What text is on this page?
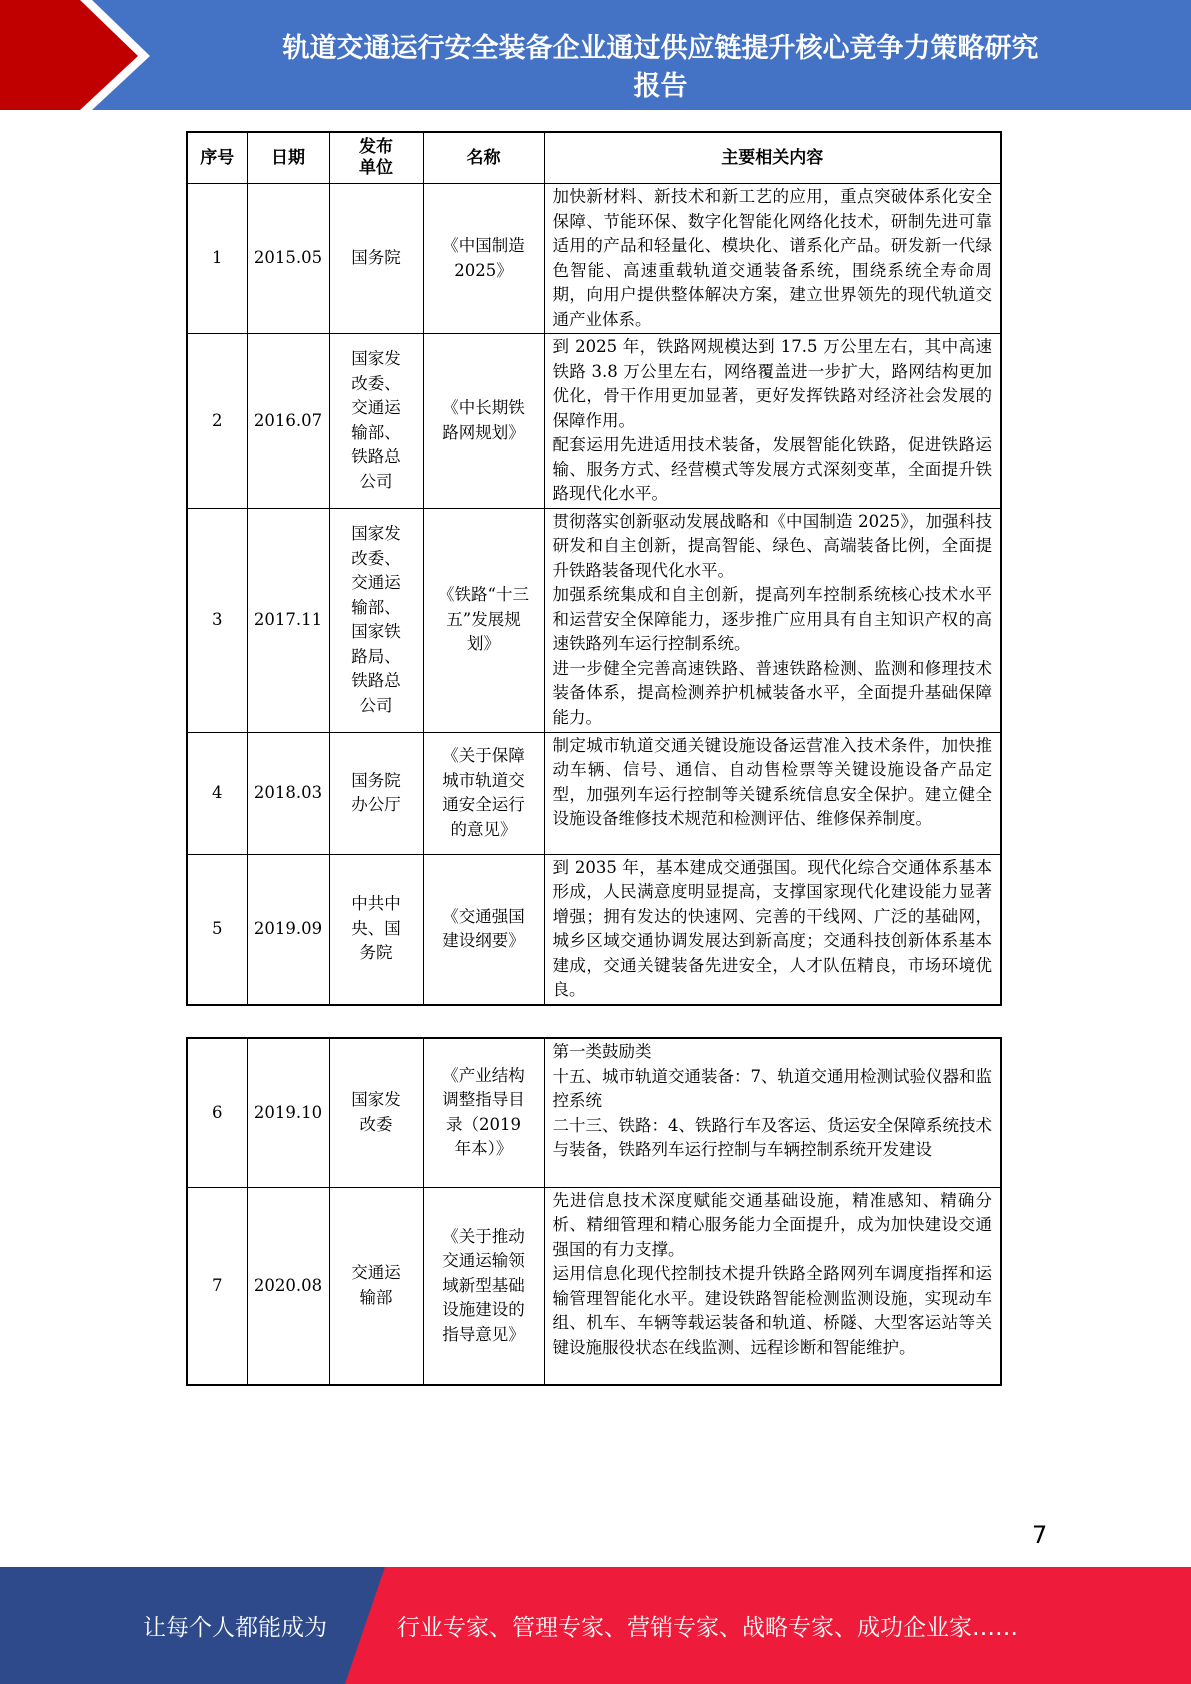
轨道交通运行安全装备企业通过供应链提升核心竞争力策略研究
报告
序号	日期	发布单位	名称	主要相关内容

1	2015.05	国务院	《中国制造2025》	加快新材料、新技术和新工艺的应用，重点突破体系化安全保障、节能环保、数字化智能化网络化技术，研制先进可靠适用的产品和轻量化、模块化、谱系化产品。研发新一代绿色智能、高速重载轨道交通装备系统，围绕系统全寿命周期，向用户提供整体解决方案，建立世界领先的现代轨道交通产业体系。

2	2016.07	国家发改委、交通运输部、铁路总公司	《中长期铁路网规划》	到 2025 年，铁路网规模达到 17.5 万公里左右，其中高速铁路 3.8 万公里左右，网络覆盖进一步扩大，路网结构更加优化，骨干作用更加显著，更好发挥铁路对经济社会发展的保障作用。

配套运用先进适用技术装备，发展智能化铁路，促进铁路运输、服务方式、经营模式等发展方式深刻变革，全面提升铁路现代化水平。

3	2017.11	国家发改委、交通运输部、国家铁路局、铁路总公司	《铁路“十三五”发展规划》	贯彻落实创新驱动发展战略和《中国制造 2025》，加强科技研发和自主创新，提高智能、绿色、高端装备比例，全面提升铁路装备现代化水平。

加强系统集成和自主创新，提高列车控制系统核心技术水平和运营安全保障能力，逐步推广应用具有自主知识产权的高速铁路列车运行控制系统。

进一步健全完善高速铁路、普速铁路检测、监测和修理技术装备体系，提高检测养护机械装备水平，全面提升基础保障能力。

4	2018.03	国务院办公厅	《关于保障城市轨道交通安全运行的意见》	制定城市轨道交通关键设施设备运营准入技术条件，加快推动车辆、信号、通信、自动售检票等关键设施设备产品定型，加强列车运行控制等关键系统信息安全保护。建立健全设施设备维修技术规范和检测评估、维修保养制度。

5	2019.09	中共中央、国务院	《交通强国建设纲要》	到 2035 年，基本建成交通强国。现代化综合交通体系基本形成，人民满意度明显提高，支撑国家现代化建设能力显著增强；拥有发达的快速网、完善的干线网、广泛的基础网，城乡区域交通协调发展达到新高度；交通科技创新体系基本建成，交通关键装备先进安全，人才队伍精良，市场环境优良。

6	2019.10	国家发改委	《产业结构调整指导目录（2019 年本）》	第一类鼓励类

十五、城市轨道交通装备：7、轨道交通用检测试验仪器和监控系统

二十三、铁路：4、铁路行车及客运、货运安全保障系统技术与装备，铁路列车运行控制与车辆控制系统开发建设

7	2020.08	交通运输部	《关于推动交通运输领域新型基础设施建设的指导意见》	先进信息技术深度赋能交通基础设施，精准感知、精确分析、精细管理和精心服务能力全面提升，成为加快建设交通强国的有力支撑。

运用信息化现代控制技术提升铁路全路网列车调度指挥和运输管理智能化水平。建设铁路智能检测监测设施，实现动车组、机车、车辆等载运装备和轨道、桥隧、大型客运站等关键设施服役状态在线监测、远程诊断和智能维护。

7
让每个人都能成为	行业专家、管理专家、营销专家、战略专家、成功企业家……
